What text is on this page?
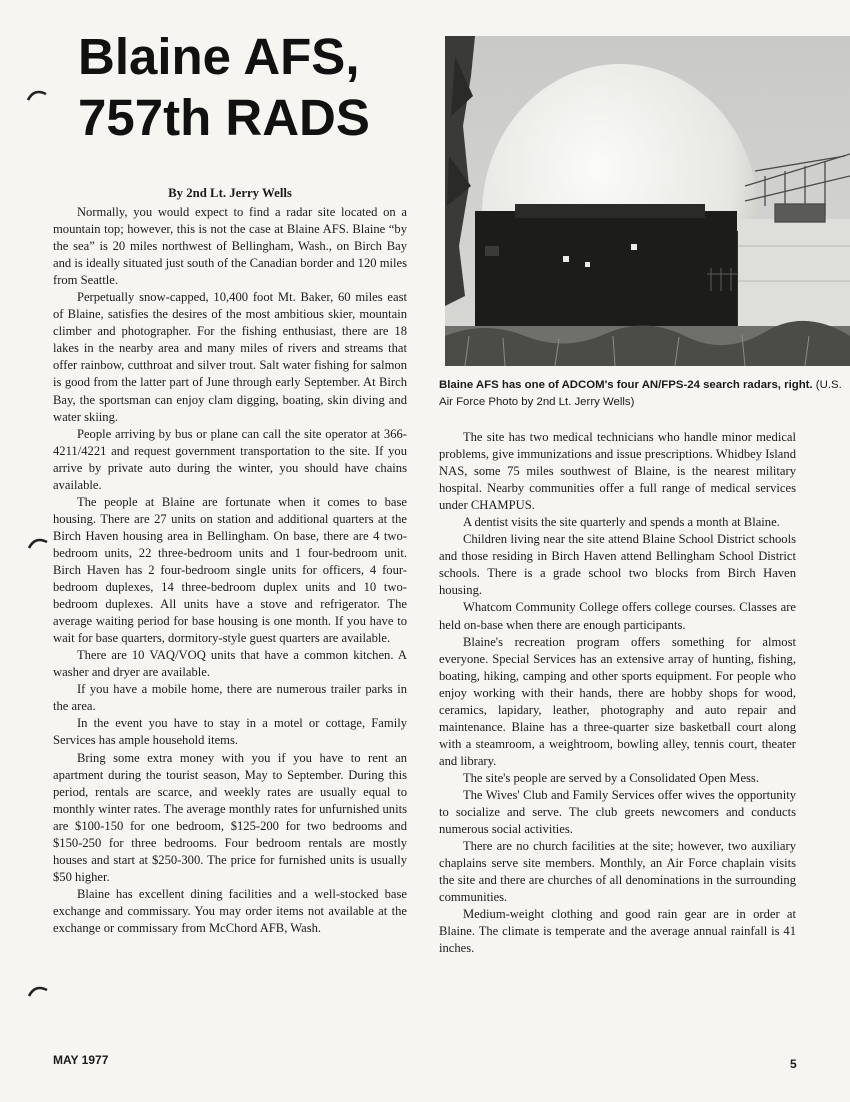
Blaine AFS,
757th RADS

By 2nd Lt. Jerry Wells

Normally, you would expect to find a radar site located on a mountain top; however, this is not the case at Blaine AFS. Blaine “by the sea” is 20 miles northwest of Bellingham, Wash., on Birch Bay and is ideally situated just south of the Canadian border and 120 miles from Seattle.

Perpetually snow-capped, 10,400 foot Mt. Baker, 60 miles east of Blaine, satisfies the desires of the most ambitious skier, mountain climber and photographer. For the fishing enthusiast, there are 18 lakes in the nearby area and many miles of rivers and streams that offer rainbow, cutthroat and silver trout. Salt water fishing for salmon is good from the latter part of June through early September. At Birch Bay, the sportsman can enjoy clam digging, boating, skin diving and water skiing.

People arriving by bus or plane can call the site operator at 366-4211/4221 and request government transportation to the site. If you arrive by private auto during the winter, you should have chains available.

The people at Blaine are fortunate when it comes to base housing. There are 27 units on station and additional quarters at the Birch Haven housing area in Bellingham. On base, there are 4 two-bedroom units, 22 three-bedroom units and 1 four-bedroom unit. Birch Haven has 2 four-bedroom single units for officers, 4 four-bedroom duplexes, 14 three-bedroom duplex units and 10 two-bedroom duplexes. All units have a stove and refrigerator. The average waiting period for base housing is one month. If you have to wait for base quarters, dormitory-style guest quarters are available.

There are 10 VAQ/VOQ units that have a common kitchen. A washer and dryer are available.

If you have a mobile home, there are numerous trailer parks in the area.

In the event you have to stay in a motel or cottage, Family Services has ample household items.

Bring some extra money with you if you have to rent an apartment during the tourist season, May to September. During this period, rentals are scarce, and weekly rates are usually equal to monthly winter rates. The average monthly rates for unfurnished units are $100-150 for one bedroom, $125-200 for two bedrooms and $150-250 for three bedrooms. Four bedroom rentals are mostly houses and start at $250-300. The price for furnished units is usually $50 higher.

Blaine has excellent dining facilities and a well-stocked base exchange and commissary. You may order items not available at the exchange or commissary from McChord AFB, Wash.

Blaine AFS has one of ADCOM's four AN/FPS-24 search radars, right. (U.S. Air Force Photo by 2nd Lt. Jerry Wells)

The site has two medical technicians who handle minor medical problems, give immunizations and issue prescriptions. Whidbey Island NAS, some 75 miles southwest of Blaine, is the nearest military hospital. Nearby communities offer a full range of medical services under CHAMPUS.

A dentist visits the site quarterly and spends a month at Blaine.

Children living near the site attend Blaine School District schools and those residing in Birch Haven attend Bellingham School District schools. There is a grade school two blocks from Birch Haven housing.

Whatcom Community College offers college courses. Classes are held on-base when there are enough participants.

Blaine's recreation program offers something for almost everyone. Special Services has an extensive array of hunting, fishing, boating, hiking, camping and other sports equipment. For people who enjoy working with their hands, there are hobby shops for wood, ceramics, lapidary, leather, photography and auto repair and maintenance. Blaine has a three-quarter size basketball court along with a steamroom, a weightroom, bowling alley, tennis court, theater and library.

The site's people are served by a Consolidated Open Mess.

The Wives' Club and Family Services offer wives the opportunity to socialize and serve. The club greets newcomers and conducts numerous social activities.

There are no church facilities at the site; however, two auxiliary chaplains serve site members. Monthly, an Air Force chaplain visits the site and there are churches of all denominations in the surrounding communities.

Medium-weight clothing and good rain gear are in order at Blaine. The climate is temperate and the average annual rainfall is 41 inches.

MAY 1977	5
